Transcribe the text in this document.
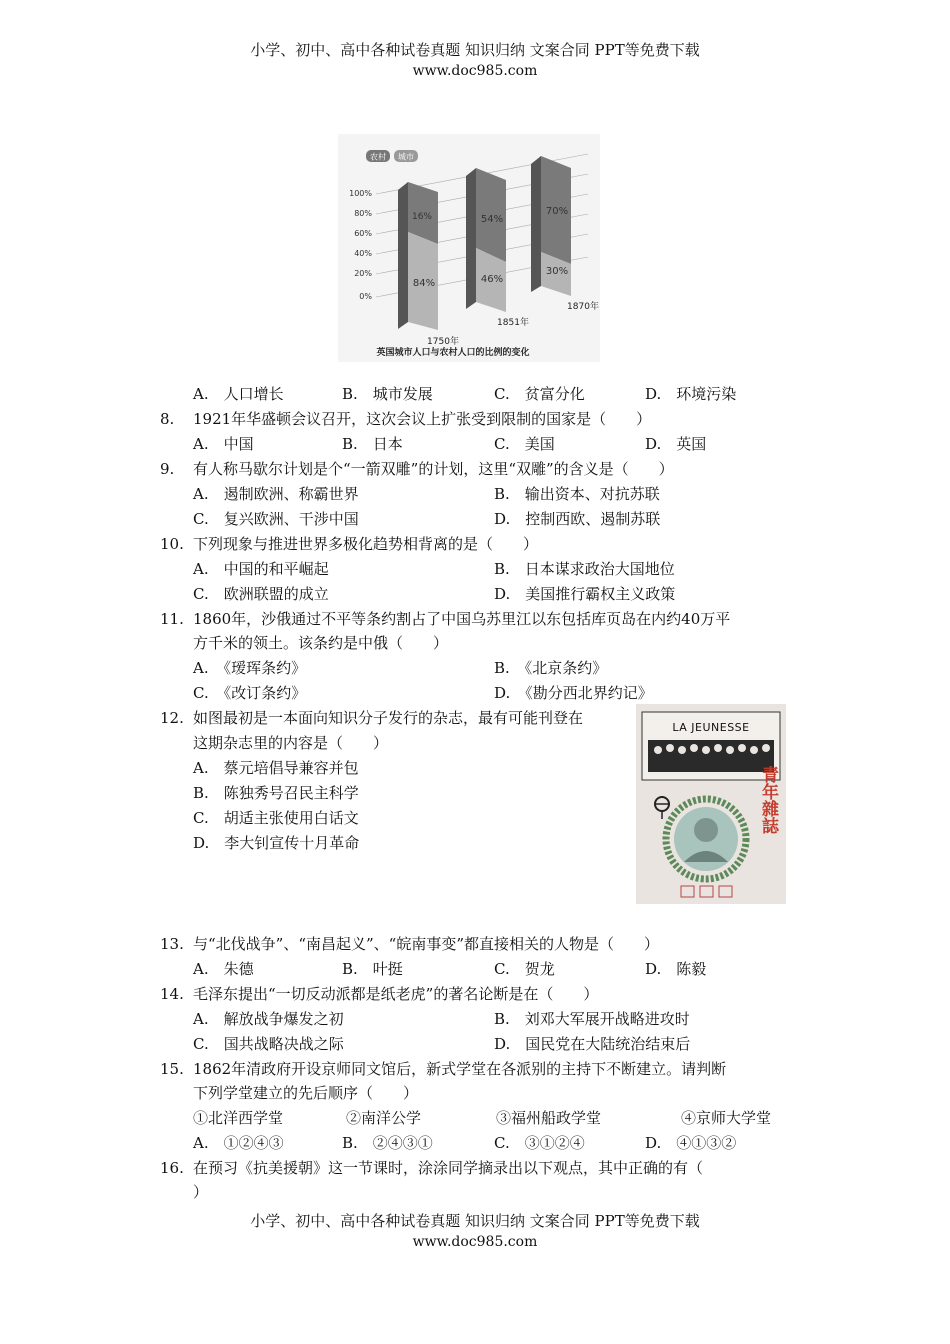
小学、初中、高中各种试卷真题 知识归纳 文案合同 PPT等免费下载
www.doc985.com
农村 城市
100%
80%
60%
40%
20%
0%
16%
84%
1750年
54%
46%
1851年
70%
30%
1870年
英国城市人口与农村人口的比例的变化
A.　人口增长	B.　城市发展	C.　贫富分化	D.　环境污染
8. 1921年华盛顿会议召开，这次会议上扩张受到限制的国家是（　　）
A.　中国	B.　日本	C.　美国	D.　英国
9. 有人称马歇尔计划是个“一箭双雕”的计划，这里“双雕”的含义是（　　）
A.　遏制欧洲、称霸世界	B.　输出资本、对抗苏联
C.　复兴欧洲、干涉中国	D.　控制西欧、遏制苏联
10. 下列现象与推进世界多极化趋势相背离的是（　　）
A.　中国的和平崛起	B.　日本谋求政治大国地位
C.　欧洲联盟的成立	D.　美国推行霸权主义政策
11. 1860年，沙俄通过不平等条约割占了中国乌苏里江以东包括库页岛在内约40万平
方千米的领土。该条约是中俄（　　）
A.　《瑷珲条约》	B.　《北京条约》
C.　《改订条约》	D.　《勘分西北界约记》
12. 如图最初是一本面向知识分子发行的杂志，最有可能刊登在
这期杂志里的内容是（　　）
A.　蔡元培倡导兼容并包
B.　陈独秀号召民主科学
C.　胡适主张使用白话文
D.　李大钊宣传十月革命
LA JEUNESSE
青年雜誌
13. 与“北伐战争”、“南昌起义”、“皖南事变”都直接相关的人物是（　　）
A.　朱德	B.　叶挺	C.　贺龙	D.　陈毅
14. 毛泽东提出“一切反动派都是纸老虎”的著名论断是在（　　）
A.　解放战争爆发之初	B.　刘邓大军展开战略进攻时
C.　国共战略决战之际	D.　国民党在大陆统治结束后
15. 1862年清政府开设京师同文馆后，新式学堂在各派别的主持下不断建立。请判断
下列学堂建立的先后顺序（　　）
①北洋西学堂	②南洋公学	③福州船政学堂	④京师大学堂
A.　①②④③	B.　②④③①	C.　③①②④	D.　④①③②
16. 在预习《抗美援朝》这一节课时，涂涂同学摘录出以下观点，其中正确的有（
）
小学、初中、高中各种试卷真题 知识归纳 文案合同 PPT等免费下载
www.doc985.com
